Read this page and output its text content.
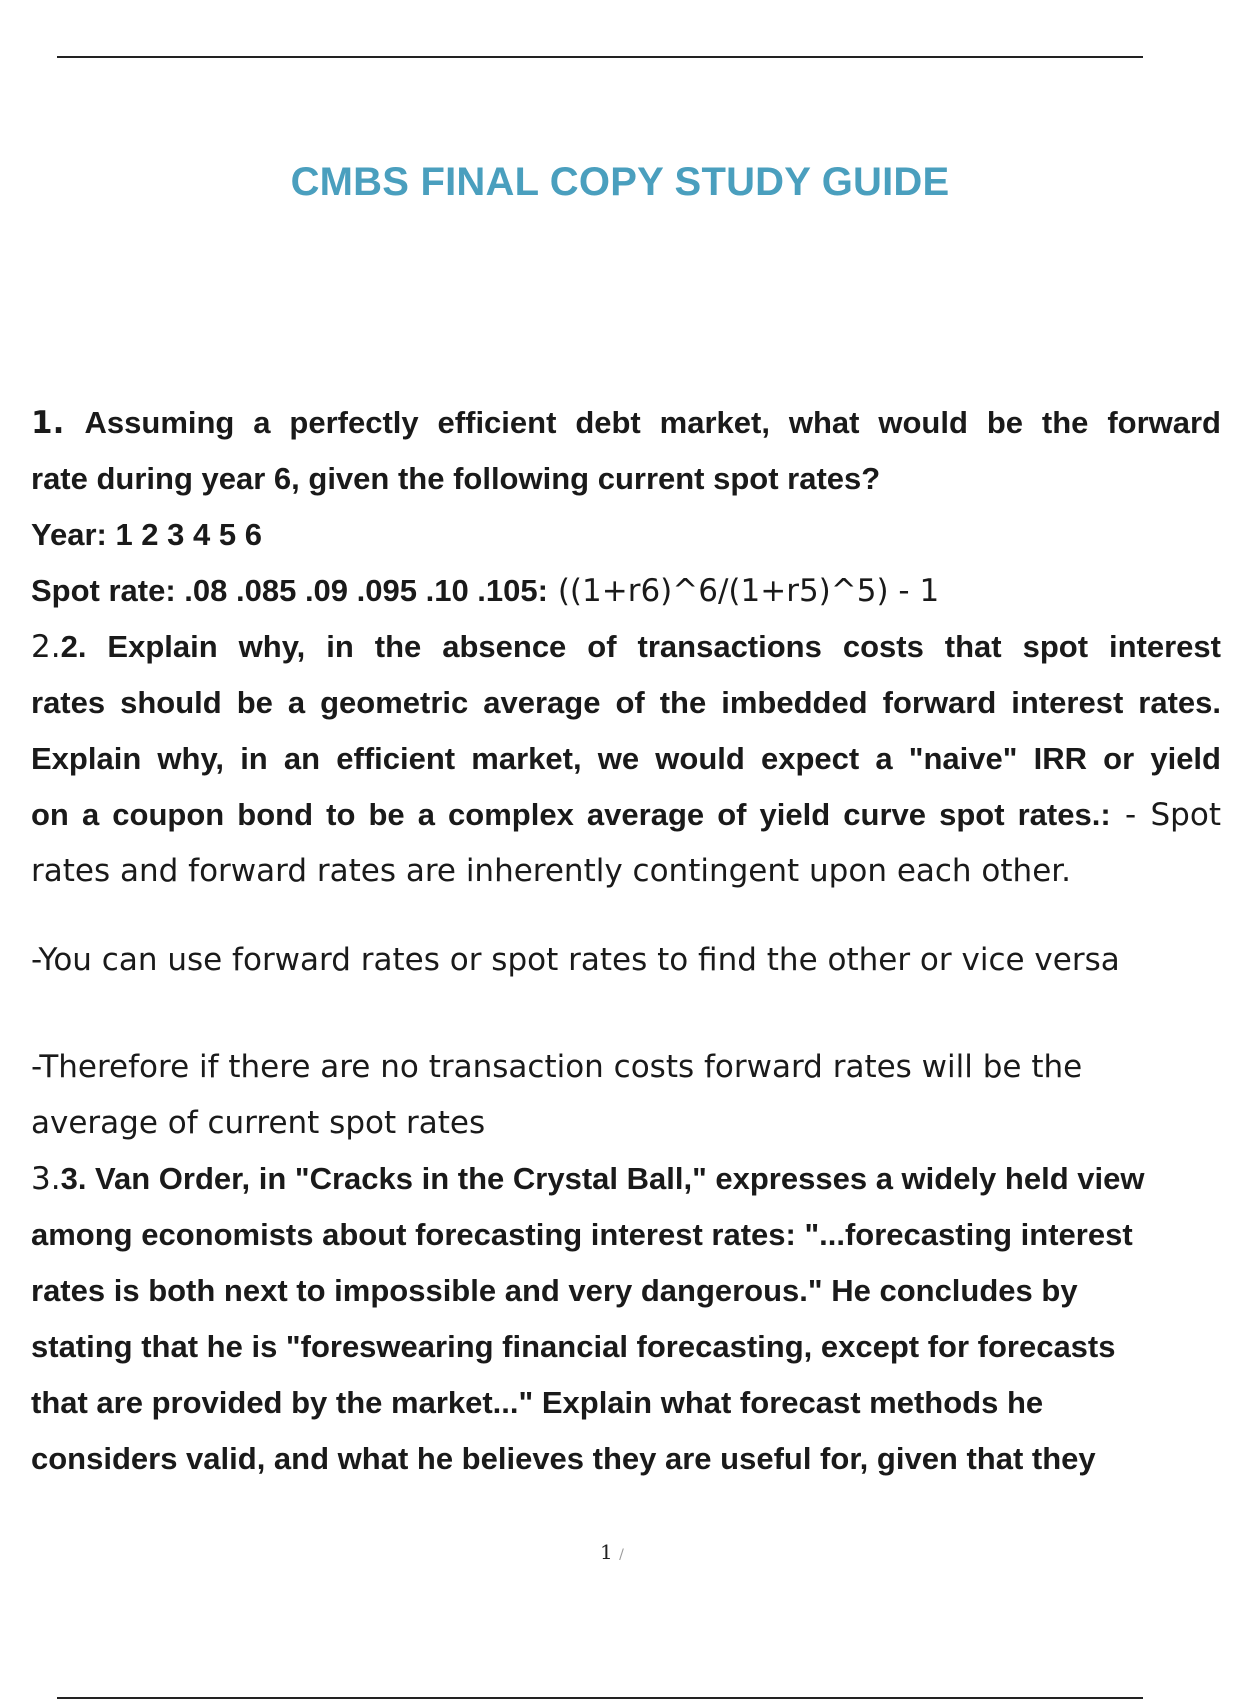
CMBS FINAL COPY STUDY GUIDE
1. Assuming a perfectly efficient debt market, what would be the forward
rate during year 6, given the following current spot rates?
Year: 1 2 3 4 5 6
Spot rate: .08 .085 .09 .095 .10 .105: ((1+r6)^6/(1+r5)^5) - 1
2.2. Explain why, in the absence of transactions costs that spot interest
rates should be a geometric average of the imbedded forward interest rates.
Explain why, in an efficient market, we would expect a "naive" IRR or yield
on a coupon bond to be a complex average of yield curve spot rates.: - Spot
rates and forward rates are inherently contingent upon each other.
-You can use forward rates or spot rates to find the other or vice versa
-Therefore if there are no transaction costs forward rates will be the
average of current spot rates
3.3. Van Order, in "Cracks in the Crystal Ball," expresses a widely held view
among economists about forecasting interest rates: "...forecasting interest
rates is both next to impossible and very dangerous." He concludes by
stating that he is "foreswearing financial forecasting, except for forecasts
that are provided by the market..." Explain what forecast methods he
considers valid, and what he believes they are useful for, given that they
1 /
